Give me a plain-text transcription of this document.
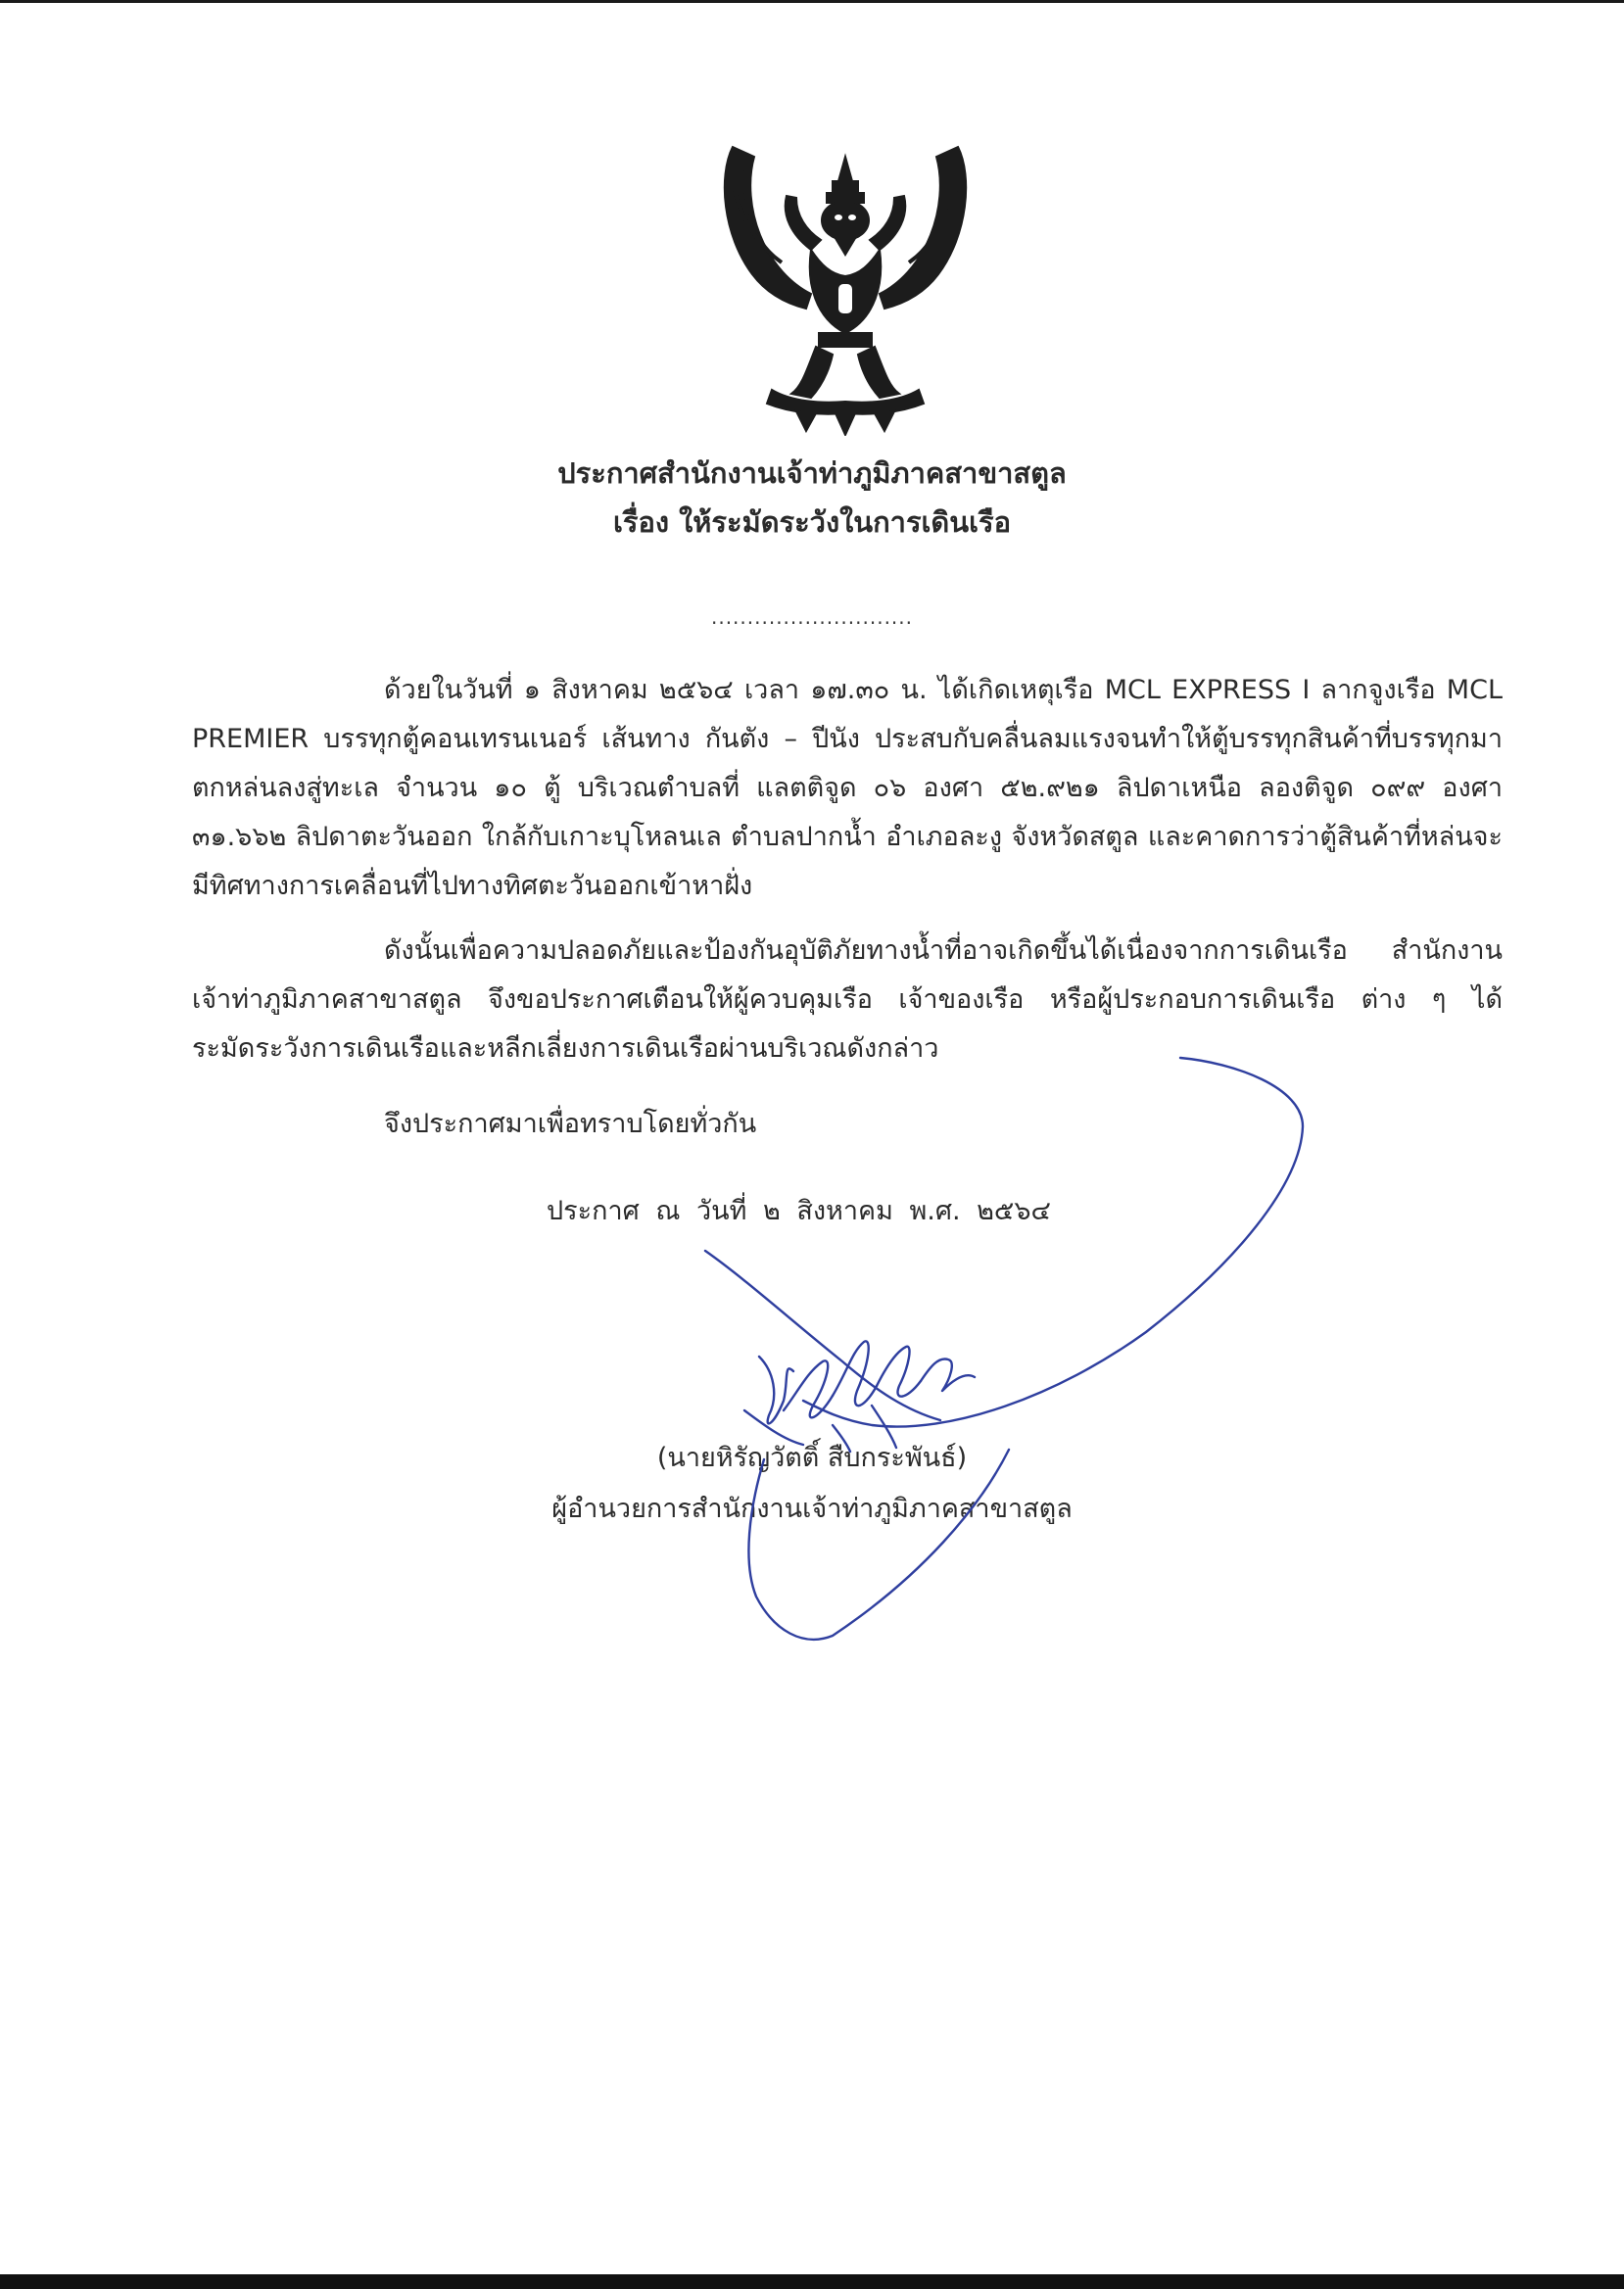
ประกาศสำนักงานเจ้าท่าภูมิภาคสาขาสตูล
เรื่อง ให้ระมัดระวังในการเดินเรือ
............................
ด้วยในวันที่ ๑ สิงหาคม ๒๕๖๔ เวลา ๑๗.๓๐ น. ได้เกิดเหตุเรือ MCL EXPRESS I ลากจูงเรือ MCL PREMIER บรรทุกตู้คอนเทรนเนอร์ เส้นทาง กันตัง – ปีนัง ประสบกับคลื่นลมแรงจนทำให้ตู้บรรทุกสินค้าที่บรรทุกมาตกหล่นลงสู่ทะเล จำนวน ๑๐ ตู้ บริเวณตำบลที่ แลตติจูด ๐๖ องศา ๕๒.๙๒๑ ลิปดาเหนือ ลองติจูด ๐๙๙ องศา ๓๑.๖๖๒ ลิปดาตะวันออก ใกล้กับเกาะบุโหลนเล ตำบลปากน้ำ อำเภอละงู จังหวัดสตูล และคาดการว่าตู้สินค้าที่หล่นจะมีทิศทางการเคลื่อนที่ไปทางทิศตะวันออกเข้าหาฝั่ง
ดังนั้นเพื่อความปลอดภัยและป้องกันอุบัติภัยทางน้ำที่อาจเกิดขึ้นได้เนื่องจากการเดินเรือ สำนักงานเจ้าท่าภูมิภาคสาขาสตูล จึงขอประกาศเตือนให้ผู้ควบคุมเรือ เจ้าของเรือ หรือผู้ประกอบการเดินเรือ ต่าง ๆ ได้ระมัดระวังการเดินเรือและหลีกเลี่ยงการเดินเรือผ่านบริเวณดังกล่าว
จึงประกาศมาเพื่อทราบโดยทั่วกัน
ประกาศ ณ วันที่ ๒ สิงหาคม พ.ศ. ๒๕๖๔
(นายหิรัญวัตติ์ สืบกระพันธ์)
ผู้อำนวยการสำนักงานเจ้าท่าภูมิภาคสาขาสตูล
